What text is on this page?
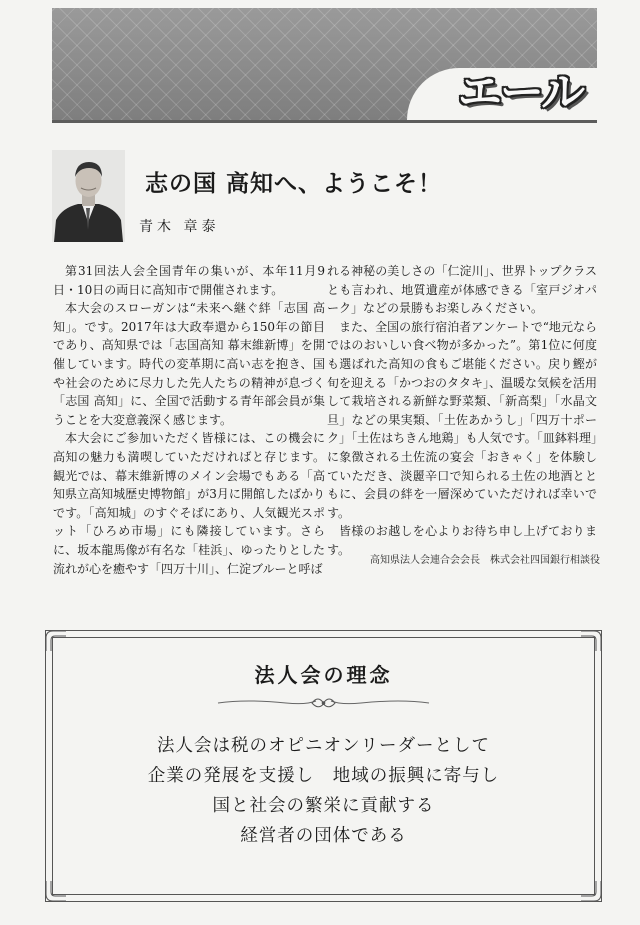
エール
志の国 高知へ、ようこそ！
青木 章泰

第31回法人会全国青年の集いが、本年11月9日・10日の両日に高知市で開催されます。

本大会のスローガンは“未来へ継ぐ絆「志国 高知」。です。2017年は大政奉還から150年の節目であり、高知県では「志国高知 幕末維新博」を開催しています。時代の変革期に高い志を抱き、国や社会のために尽力した先人たちの精神が息づく「志国 高知」に、全国で活動する青年部会員が集うことを大変意義深く感じます。

本大会にご参加いただく皆様には、この機会に高知の魅力も満喫していただければと存じます。観光では、幕末維新博のメイン会場でもある「高知県立高知城歴史博物館」が3月に開館したばかりです。「高知城」のすぐそばにあり、人気観光スポット「ひろめ市場」にも隣接しています。さらに、坂本龍馬像が有名な「桂浜」、ゆったりとした流れが心を癒やす「四万十川」、仁淀ブルーと呼ば

れる神秘の美しさの「仁淀川」、世界トップクラスとも言われ、地質遺産が体感できる「室戸ジオパーク」などの景勝もお楽しみください。

また、全国の旅行宿泊者アンケートで“地元ならではのおいしい食べ物が多かった”。第1位に何度も選ばれた高知の食もご堪能ください。戻り鰹が旬を迎える「かつおのタタキ」、温暖な気候を活用して栽培される新鮮な野菜類、「新高梨」「水晶文旦」などの果実類、「土佐あかうし」「四万十ポーク」「土佐はちきん地鶏」も人気です。「皿鉢料理」に象徴される土佐流の宴会「おきゃく」を体験していただき、淡麗辛口で知られる土佐の地酒とともに、会員の絆を一層深めていただければ幸いです。

皆様のお越しを心よりお待ち申し上げております。

高知県法人会連合会会長　株式会社四国銀行相談役
法人会の理念
法人会は税のオピニオンリーダーとして
企業の発展を支援し　地域の振興に寄与し
国と社会の繁栄に貢献する
経営者の団体である
